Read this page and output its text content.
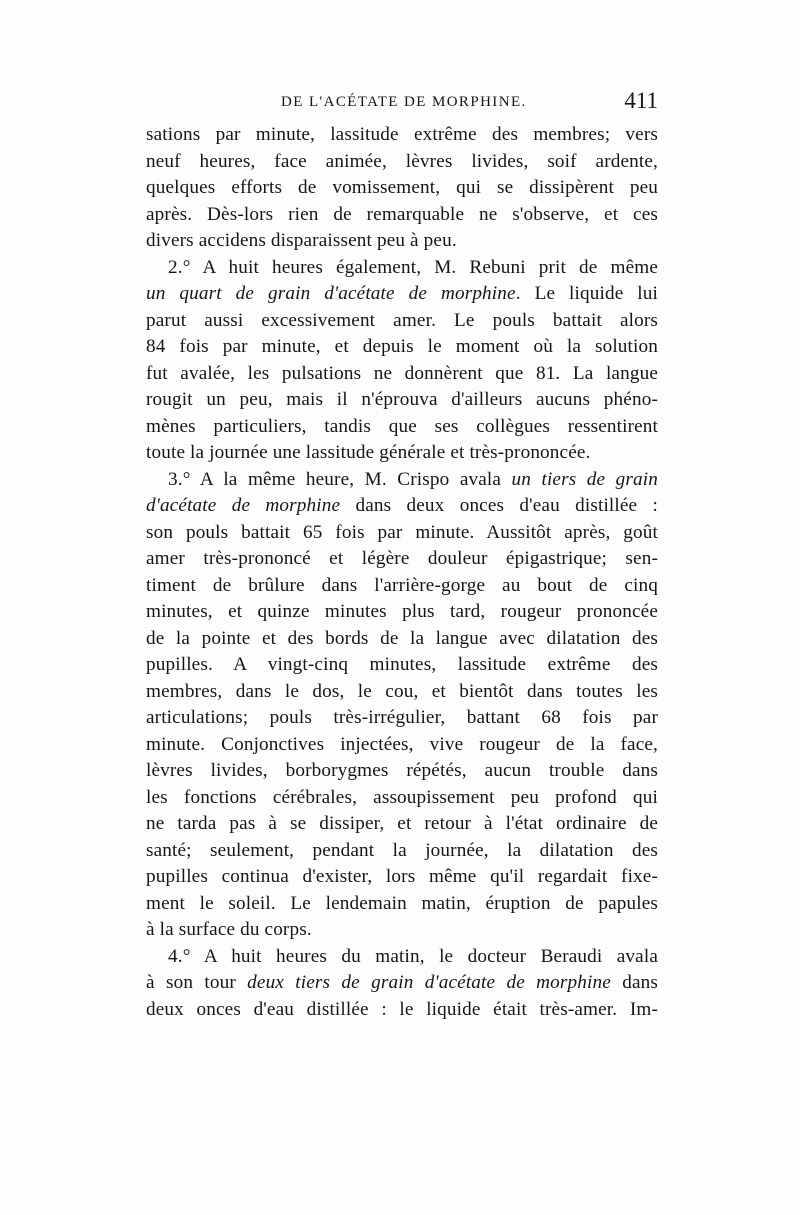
DE L'ACÉTATE DE MORPHINE.	411
sations par minute, lassitude extrême des membres; vers
neuf heures, face animée, lèvres livides, soif ardente,
quelques efforts de vomissement, qui se dissipèrent peu
après. Dès-lors rien de remarquable ne s'observe, et ces
divers accidens disparaissent peu à peu.
2.° A huit heures également, M. Rebuni prit de même
un quart de grain d'acétate de morphine. Le liquide lui
parut aussi excessivement amer. Le pouls battait alors
84 fois par minute, et depuis le moment où la solution
fut avalée, les pulsations ne donnèrent que 81. La langue
rougit un peu, mais il n'éprouva d'ailleurs aucuns phéno-
mènes particuliers, tandis que ses collègues ressentirent
toute la journée une lassitude générale et très-prononcée.
3.° A la même heure, M. Crispo avala un tiers de grain
d'acétate de morphine dans deux onces d'eau distillée :
son pouls battait 65 fois par minute. Aussitôt après, goût
amer très-prononcé et légère douleur épigastrique; sen-
timent de brûlure dans l'arrière-gorge au bout de cinq
minutes, et quinze minutes plus tard, rougeur prononcée
de la pointe et des bords de la langue avec dilatation des
pupilles. A vingt-cinq minutes, lassitude extrême des
membres, dans le dos, le cou, et bientôt dans toutes les
articulations; pouls très-irrégulier, battant 68 fois par
minute. Conjonctives injectées, vive rougeur de la face,
lèvres livides, borborygmes répétés, aucun trouble dans
les fonctions cérébrales, assoupissement peu profond qui
ne tarda pas à se dissiper, et retour à l'état ordinaire de
santé; seulement, pendant la journée, la dilatation des
pupilles continua d'exister, lors même qu'il regardait fixe-
ment le soleil. Le lendemain matin, éruption de papules
à la surface du corps.
4.° A huit heures du matin, le docteur Beraudi avala
à son tour deux tiers de grain d'acétate de morphine dans
deux onces d'eau distillée : le liquide était très-amer. Im-
